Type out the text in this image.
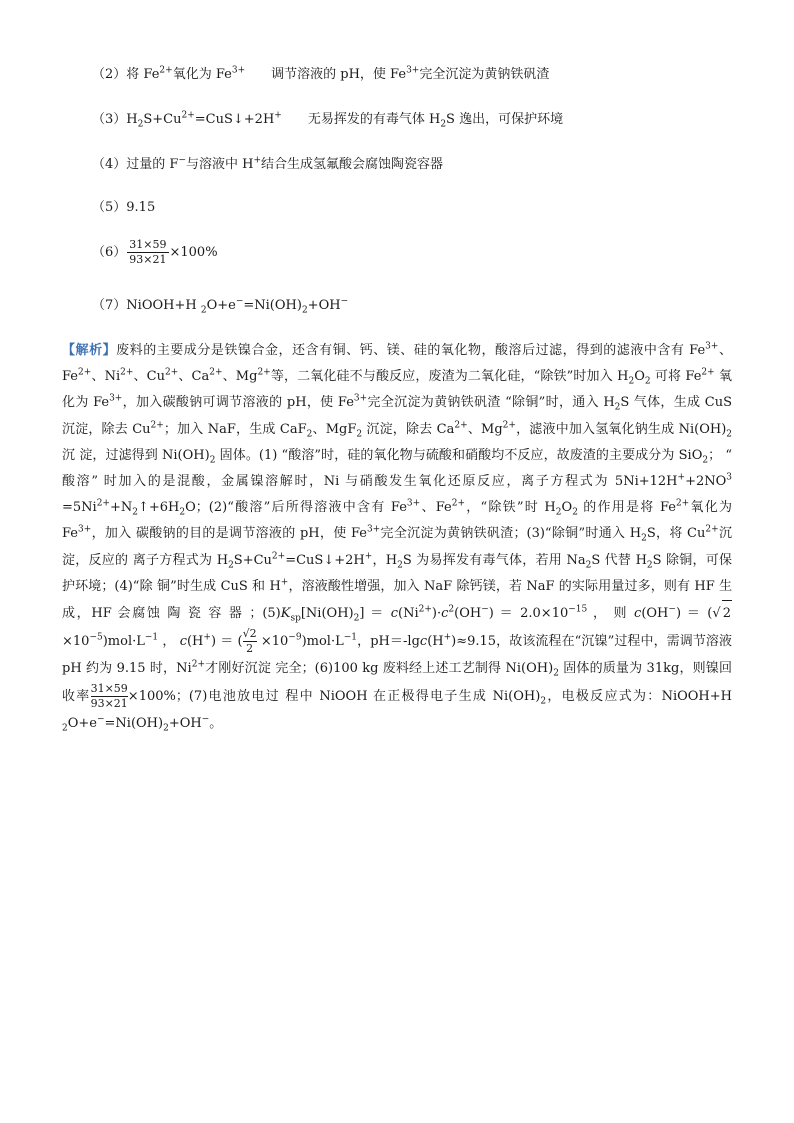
（2）将 $Fe^{2+}$氧化为 $Fe^{3+}$ 调节溶液的 pH，使 $Fe^{3+}$完全沉淀为黄钠铁矾渣
$(3)H_2S+Cu^{2+}=CuS↓+2H^+$ 无易挥发的有毒气体 $H_2S$ 逸出，可保护环境
（4）过量的 F−与溶液中 H+结合生成氢氟酸会腐蚀陶瓷容器
（5）9.15
$(6) \frac{31\times 59}{93\times 21} \times 100\%$
（7）NiOOH+H $_2O+e^-=Ni(OH)_2+OH^-$

【解析】废料的主要成分是铁镍合金，还含有铜、钙、镁、硅的氧化物，酸溶后过滤，得到的滤液中含有 $Fe^{3+}$、$Fe^{2+}$、$Ni^{2+}$、$Cu^{2+}$、$Ca^{2+}$、$Mg^{2+}$等，二氧化硅不与酸反应，废渣为二氧化硅，“除铁”时加入 $H_2O_2$ 可将 $Fe^{2+}$ 氧化为 $Fe^{3+}$，加入碳酸钠可调节溶液的 pH，使 $Fe^{3+}$完全沉淀为黄钠铁矾渣 “除铜”时，通入 $H_2S$ 气体，生成 CuS 沉淀，除去 $Cu^{2+}$；加入 NaF，生成 CaF$_2$、MgF$_2$ 沉淀，除去 $Ca^{2+}$、$Mg^{2+}$，滤液中加入氢氧化钠生成 $Ni(OH)_2$ 沉 淀，过滤得到 $Ni(OH)_2$ 固体。(1) “酸溶”时，硅的氧化物与硫酸和硝酸均不反应，故废渣的主要成分为 SiO$_2$； “ 酸溶” 时加入的是混酸，金属镍溶解时，Ni 与硝酸发生氧化还原反应，离子方程式为 $5Ni+12H^++2NO^3$ $=5Ni^{2+}+N_2↑+6H_2O$；(2)“酸溶”后所得溶液中含有 $Fe^{3+}$、$Fe^{2+}$，“除铁”时 $H_2O_2$ 的作用是将 $Fe^{2+}$氧化为 $Fe^{3+}$，加入 碳酸钠的目的是调节溶液的 pH，使 $Fe^{3+}$完全沉淀为黄钠铁矾渣；(3)“除铜”时通入 $H_2S$，将 $Cu^{2+}$沉淀，反应的 离子方程式为 $H_2S+Cu^{2+}=CuS↓+2H^+$，$H_2S$ 为易挥发有毒气体，若用 $Na_2S$ 代替 $H_2S$ 除铜，可保护环境；(4)“除 铜”时生成 CuS 和 H+，溶液酸性增强，加入 NaF 除钙镁，若 NaF 的实际用量过多，则有 HF 生成，HF 会腐蚀 陶 瓷 容 器 ；$(5)K_{sp}[Ni(OH)_2] = c(Ni^{2+})\cdot c^2(OH^-) = 2.0\times 10^{-15}$ ， 则 c(OH−) ＝ (√ $2\times 10^{-5})mol\cdot L^{-1}$ ， c(H+) ＝ ( $\frac{√2}{2} \times 10^{-9})mol\cdot L^{-1}$，pH＝-lgc(H+)≈9.15，故该流程在“沉镍”过程中，需调节溶液 pH 约为 9.15 时，$Ni^{2+}$才刚好沉淀 完全；(6)100 kg 废料经上述工艺制得 $Ni(OH)_2$ 固体的质量为 31kg，则镍回收率 $\frac{31\times 59}{93\times 21} \times 100\%$；(7)电池放电过 程中 NiOOH 在正极得电子生成 $Ni(OH)_2$，电极反应式为：NiOOH+H $_2O+e^-=Ni(OH)_2+OH^-$。
